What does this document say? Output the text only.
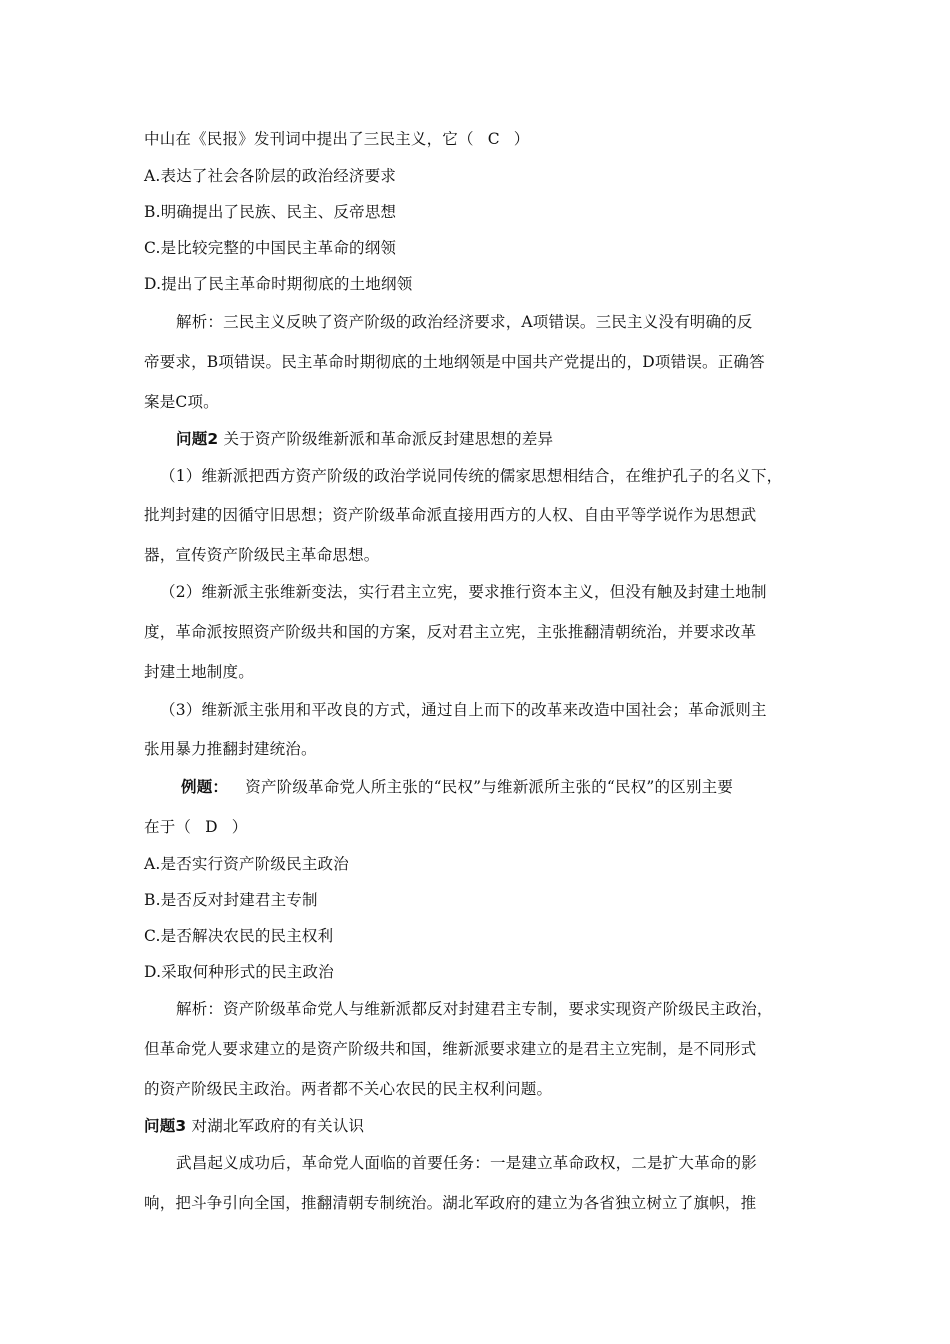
中山在《民报》发刊词中提出了三民主义，它（ C ）
A.表达了社会各阶层的政治经济要求
B.明确提出了民族、民主、反帝思想
C.是比较完整的中国民主革命的纲领
D.提出了民主革命时期彻底的土地纲领
解析：三民主义反映了资产阶级的政治经济要求，A项错误。三民主义没有明确的反
帝要求，B项错误。民主革命时期彻底的土地纲领是中国共产党提出的，D项错误。正确答
案是C项。
问题2 关于资产阶级维新派和革命派反封建思想的差异
（1）维新派把西方资产阶级的政治学说同传统的儒家思想相结合，在维护孔子的名义下，
批判封建的因循守旧思想；资产阶级革命派直接用西方的人权、自由平等学说作为思想武
器，宣传资产阶级民主革命思想。
（2）维新派主张维新变法，实行君主立宪，要求推行资本主义，但没有触及封建土地制
度，革命派按照资产阶级共和国的方案，反对君主立宪，主张推翻清朝统治，并要求改革
封建土地制度。
（3）维新派主张用和平改良的方式，通过自上而下的改革来改造中国社会；革命派则主
张用暴力推翻封建统治。
例题： 资产阶级革命党人所主张的“民权”与维新派所主张的“民权”的区别主要
在于（ D ）
A.是否实行资产阶级民主政治
B.是否反对封建君主专制
C.是否解决农民的民主权利
D.采取何种形式的民主政治
解析：资产阶级革命党人与维新派都反对封建君主专制，要求实现资产阶级民主政治，
但革命党人要求建立的是资产阶级共和国，维新派要求建立的是君主立宪制，是不同形式
的资产阶级民主政治。两者都不关心农民的民主权利问题。
问题3 对湖北军政府的有关认识
武昌起义成功后，革命党人面临的首要任务：一是建立革命政权，二是扩大革命的影
响，把斗争引向全国，推翻清朝专制统治。湖北军政府的建立为各省独立树立了旗帜，推
